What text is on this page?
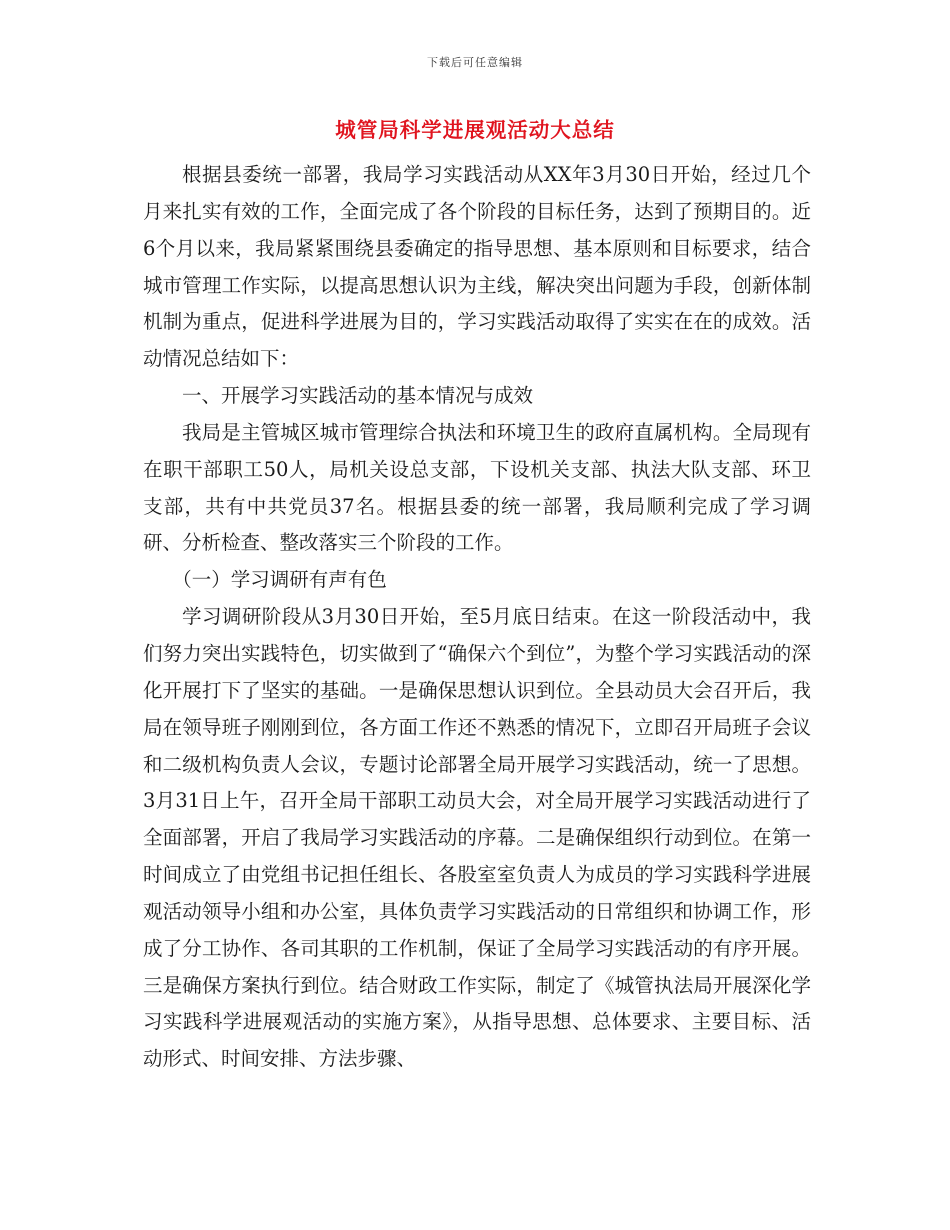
下载后可任意编辑
城管局科学进展观活动大总结

根据县委统一部署，我局学习实践活动从XX年3月30日开始，经过几个月来扎实有效的工作，全面完成了各个阶段的目标任务，达到了预期目的。近6个月以来，我局紧紧围绕县委确定的指导思想、基本原则和目标要求，结合城市管理工作实际，以提高思想认识为主线，解决突出问题为手段，创新体制机制为重点，促进科学进展为目的，学习实践活动取得了实实在在的成效。活动情况总结如下：

一、开展学习实践活动的基本情况与成效

我局是主管城区城市管理综合执法和环境卫生的政府直属机构。全局现有在职干部职工50人，局机关设总支部，下设机关支部、执法大队支部、环卫支部，共有中共党员37名。根据县委的统一部署，我局顺利完成了学习调研、分析检查、整改落实三个阶段的工作。

（一）学习调研有声有色

学习调研阶段从3月30日开始，至5月底日结束。在这一阶段活动中，我们努力突出实践特色，切实做到了“确保六个到位”，为整个学习实践活动的深化开展打下了坚实的基础。一是确保思想认识到位。全县动员大会召开后，我局在领导班子刚刚到位，各方面工作还不熟悉的情况下，立即召开局班子会议和二级机构负责人会议，专题讨论部署全局开展学习实践活动，统一了思想。3月31日上午，召开全局干部职工动员大会，对全局开展学习实践活动进行了全面部署，开启了我局学习实践活动的序幕。二是确保组织行动到位。在第一时间成立了由党组书记担任组长、各股室室负责人为成员的学习实践科学进展观活动领导小组和办公室，具体负责学习实践活动的日常组织和协调工作，形成了分工协作、各司其职的工作机制，保证了全局学习实践活动的有序开展。三是确保方案执行到位。结合财政工作实际，制定了《城管执法局开展深化学习实践科学进展观活动的实施方案》，从指导思想、总体要求、主要目标、活动形式、时间安排、方法步骤、
